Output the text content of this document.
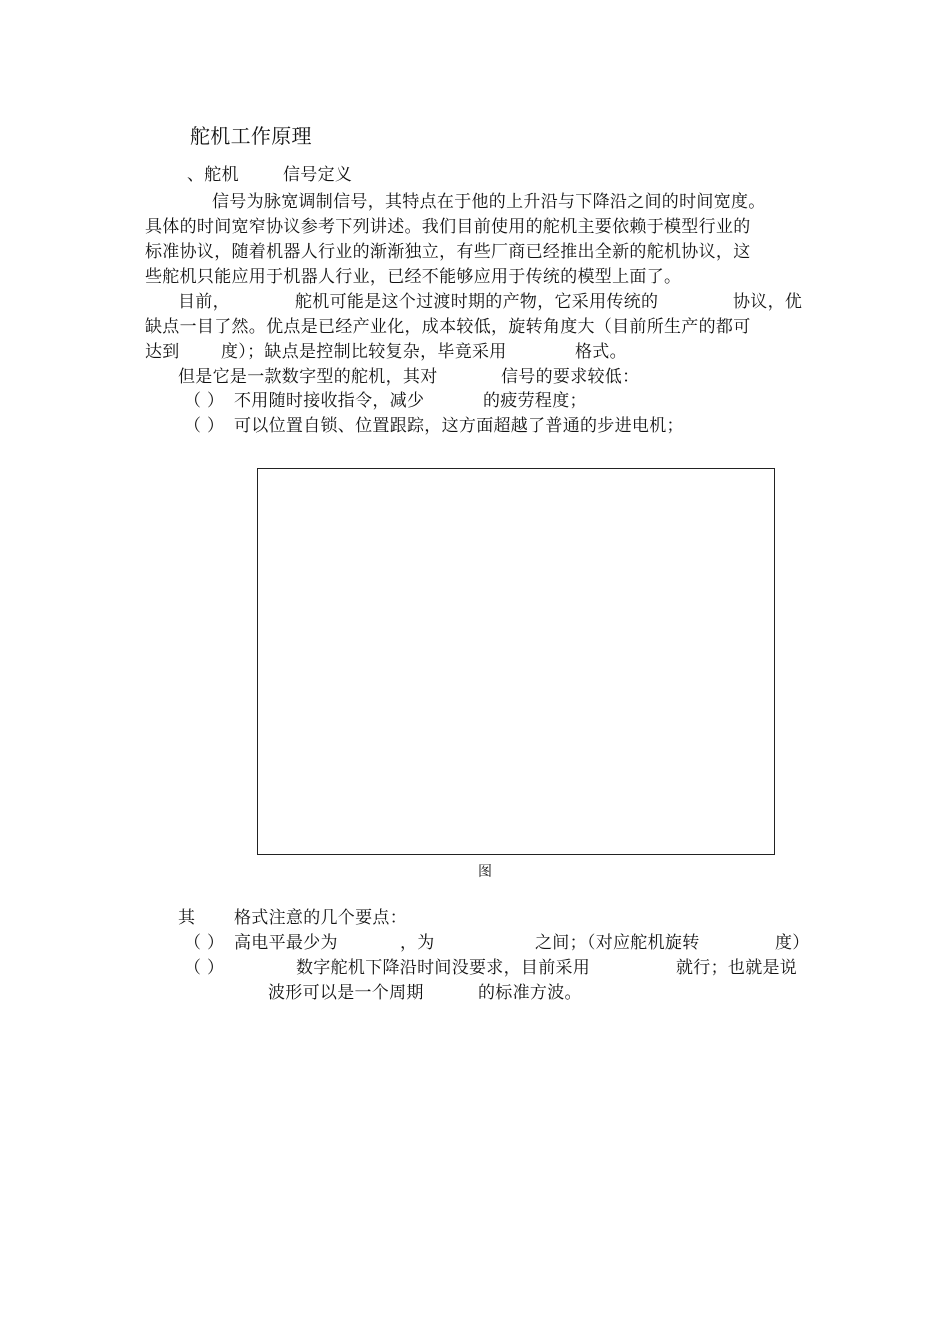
舵机工作原理
、舵机	信号定义
信号为脉宽调制信号，其特点在于他的上升沿与下降沿之间的时间宽度。
具体的时间宽窄协议参考下列讲述。我们目前使用的舵机主要依赖于模型行业的
标准协议，随着机器人行业的渐渐独立，有些厂商已经推出全新的舵机协议，这
些舵机只能应用于机器人行业，已经不能够应用于传统的模型上面了。
目前，	舵机可能是这个过渡时期的产物，它采用传统的	协议，优
缺点一目了然。优点是已经产业化，成本较低，旋转角度大（目前所生产的都可
达到 度）；缺点是控制比较复杂，毕竟采用	格式。
但是它是一款数字型的舵机，其对	信号的要求较低：
（ ） 不用随时接收指令，减少	的疲劳程度；
（ ） 可以位置自锁、位置跟踪，这方面超越了普通的步进电机；
图
其 格式注意的几个要点：
（ ） 高电平最少为	，为	之间；（对应舵机旋转	度）
（ ）	数字舵机下降沿时间没要求，目前采用	就行；也就是说
波形可以是一个周期	的标准方波。
